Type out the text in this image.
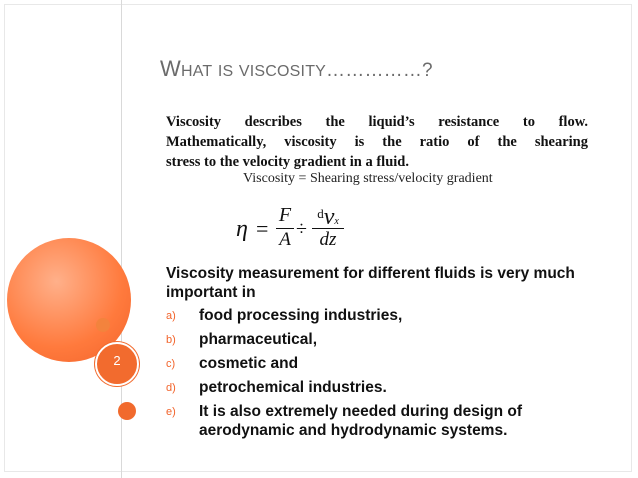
2
WHAT IS VISCOSITY……………?
Viscosity describes the liquid’s resistance to flow.
Mathematically, viscosity is the ratio of the shearing
stress to the velocity gradient in a fluid.
Viscosity = Shearing stress/velocity gradient
η =
F
A ÷
$^d$vx
dz
Viscosity measurement for different fluids is very much important in
a) food processing industries,
b) pharmaceutical,
c) cosmetic and
d) petrochemical industries.
e) It is also extremely needed during design of aerodynamic and hydrodynamic systems.
